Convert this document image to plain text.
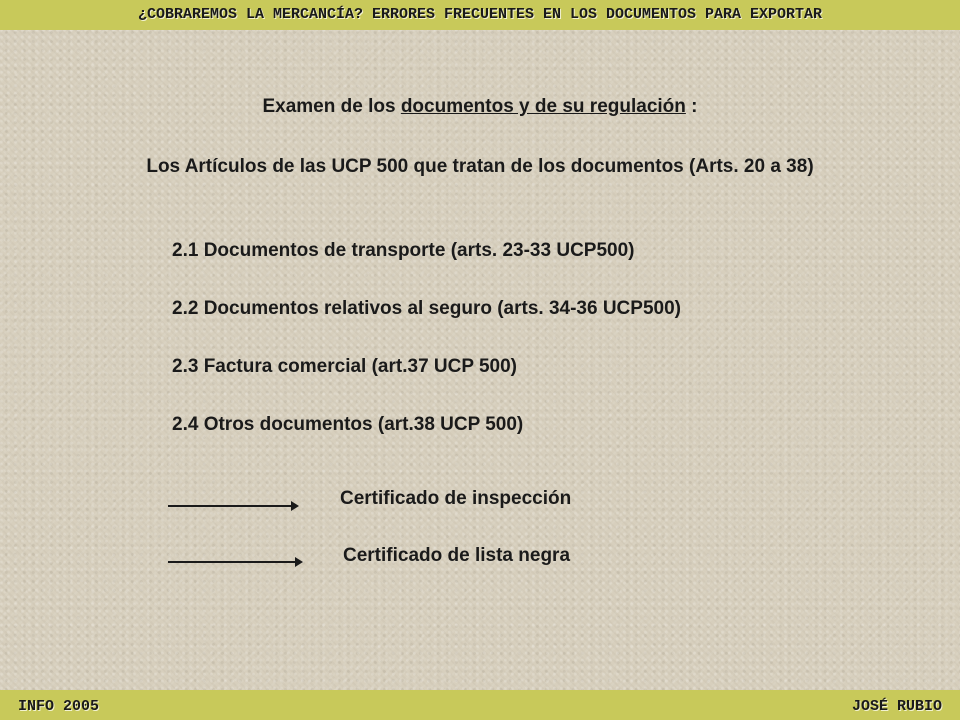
¿COBRAREMOS LA MERCANCÍA? ERRORES FRECUENTES EN LOS DOCUMENTOS PARA EXPORTAR
Examen de los documentos y de su regulación :
Los Artículos de las UCP 500 que tratan de los documentos (Arts. 20 a 38)
2.1 Documentos de transporte (arts. 23-33 UCP500)
2.2 Documentos relativos al seguro (arts. 34-36 UCP500)
2.3 Factura comercial (art.37 UCP 500)
2.4 Otros documentos (art.38 UCP 500)
Certificado de inspección
Certificado de lista negra
INFO 2005	JOSÉ RUBIO
